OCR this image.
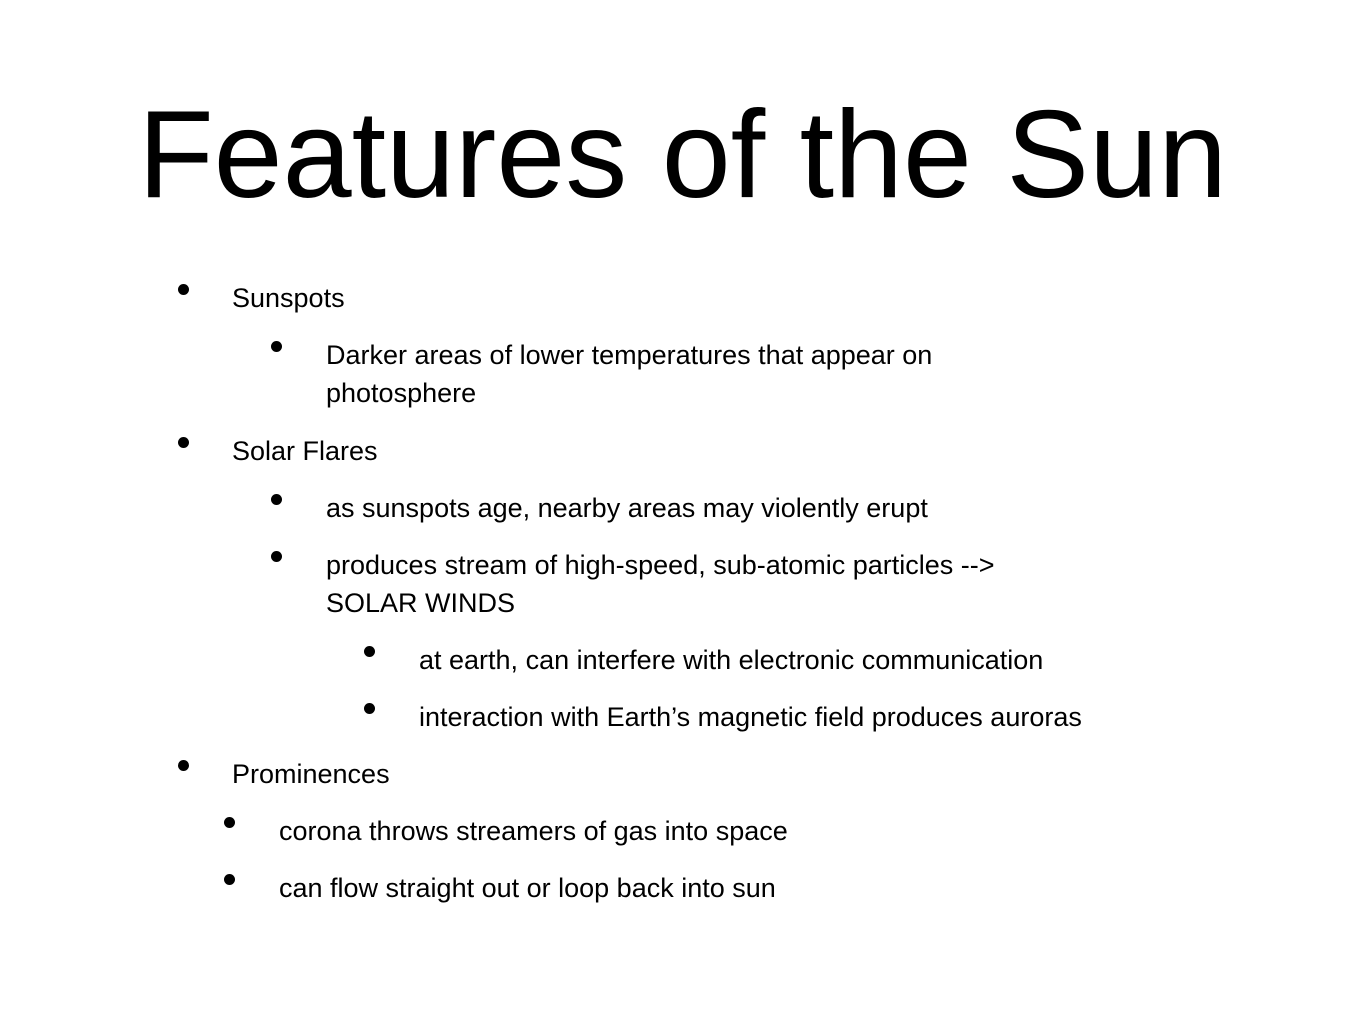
Features of the Sun

Sunspots

Darker areas of lower temperatures that appear on

photosphere

Solar Flares

as sunspots age, nearby areas may violently erupt

produces stream of high-speed, sub-atomic particles -->

SOLAR WINDS

at earth, can interfere with electronic communication

interaction with Earth’s magnetic field produces auroras

Prominences

corona throws streamers of gas into space

can flow straight out or loop back into sun
